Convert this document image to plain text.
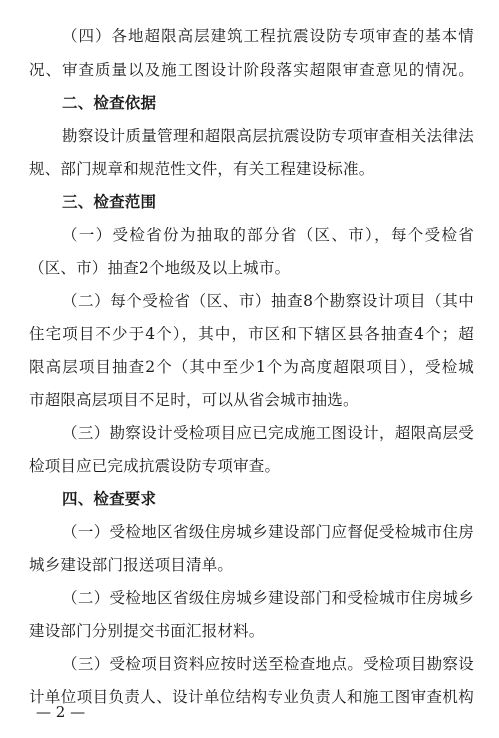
（四）各地超限高层建筑工程抗震设防专项审查的基本情
况、审查质量以及施工图设计阶段落实超限审查意见的情况。
二、检查依据
勘察设计质量管理和超限高层抗震设防专项审查相关法律法
规、部门规章和规范性文件，有关工程建设标准。
三、检查范围
（一）受检省份为抽取的部分省（区、市），每个受检省
（区、市）抽查2个地级及以上城市。
（二）每个受检省（区、市）抽查8个勘察设计项目（其中
住宅项目不少于4个），其中，市区和下辖区县各抽查4个；超
限高层项目抽查2个（其中至少1个为高度超限项目），受检城
市超限高层项目不足时，可以从省会城市抽选。
（三）勘察设计受检项目应已完成施工图设计，超限高层受
检项目应已完成抗震设防专项审查。
四、检查要求
（一）受检地区省级住房城乡建设部门应督促受检城市住房
城乡建设部门报送项目清单。
（二）受检地区省级住房城乡建设部门和受检城市住房城乡
建设部门分别提交书面汇报材料。
（三）受检项目资料应按时送至检查地点。受检项目勘察设
计单位项目负责人、设计单位结构专业负责人和施工图审查机构
— 2 —
